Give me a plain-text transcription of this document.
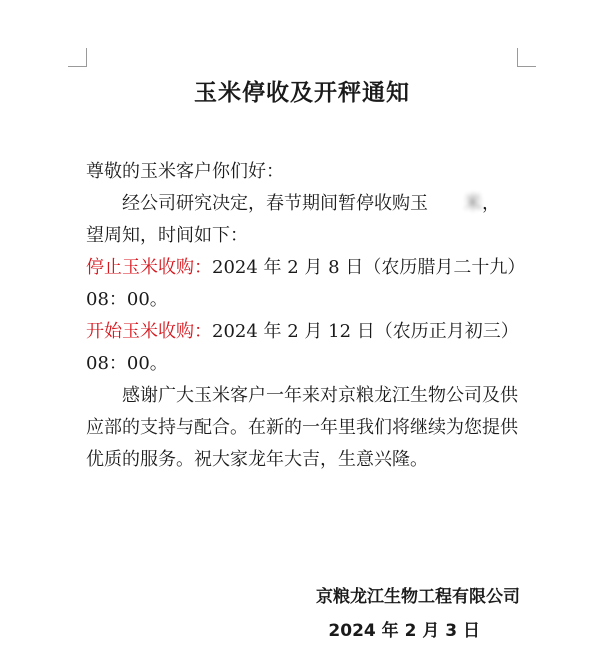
玉米停收及开秤通知

尊敬的玉米客户你们好：

经公司研究决定，春节期间暂停收购玉 米，
望周知，时间如下：

停止玉米收购：2024 年 2 月 8 日（农历腊月二十九）08：00。

开始玉米收购：2024 年 2 月 12 日（农历正月初三）08：00。

感谢广大玉米客户一年来对京粮龙江生物公司及供应部的支持与配合。在新的一年里我们将继续为您提供优质的服务。祝大家龙年大吉，生意兴隆。

京粮龙江生物工程有限公司

2024 年 2 月 3 日
